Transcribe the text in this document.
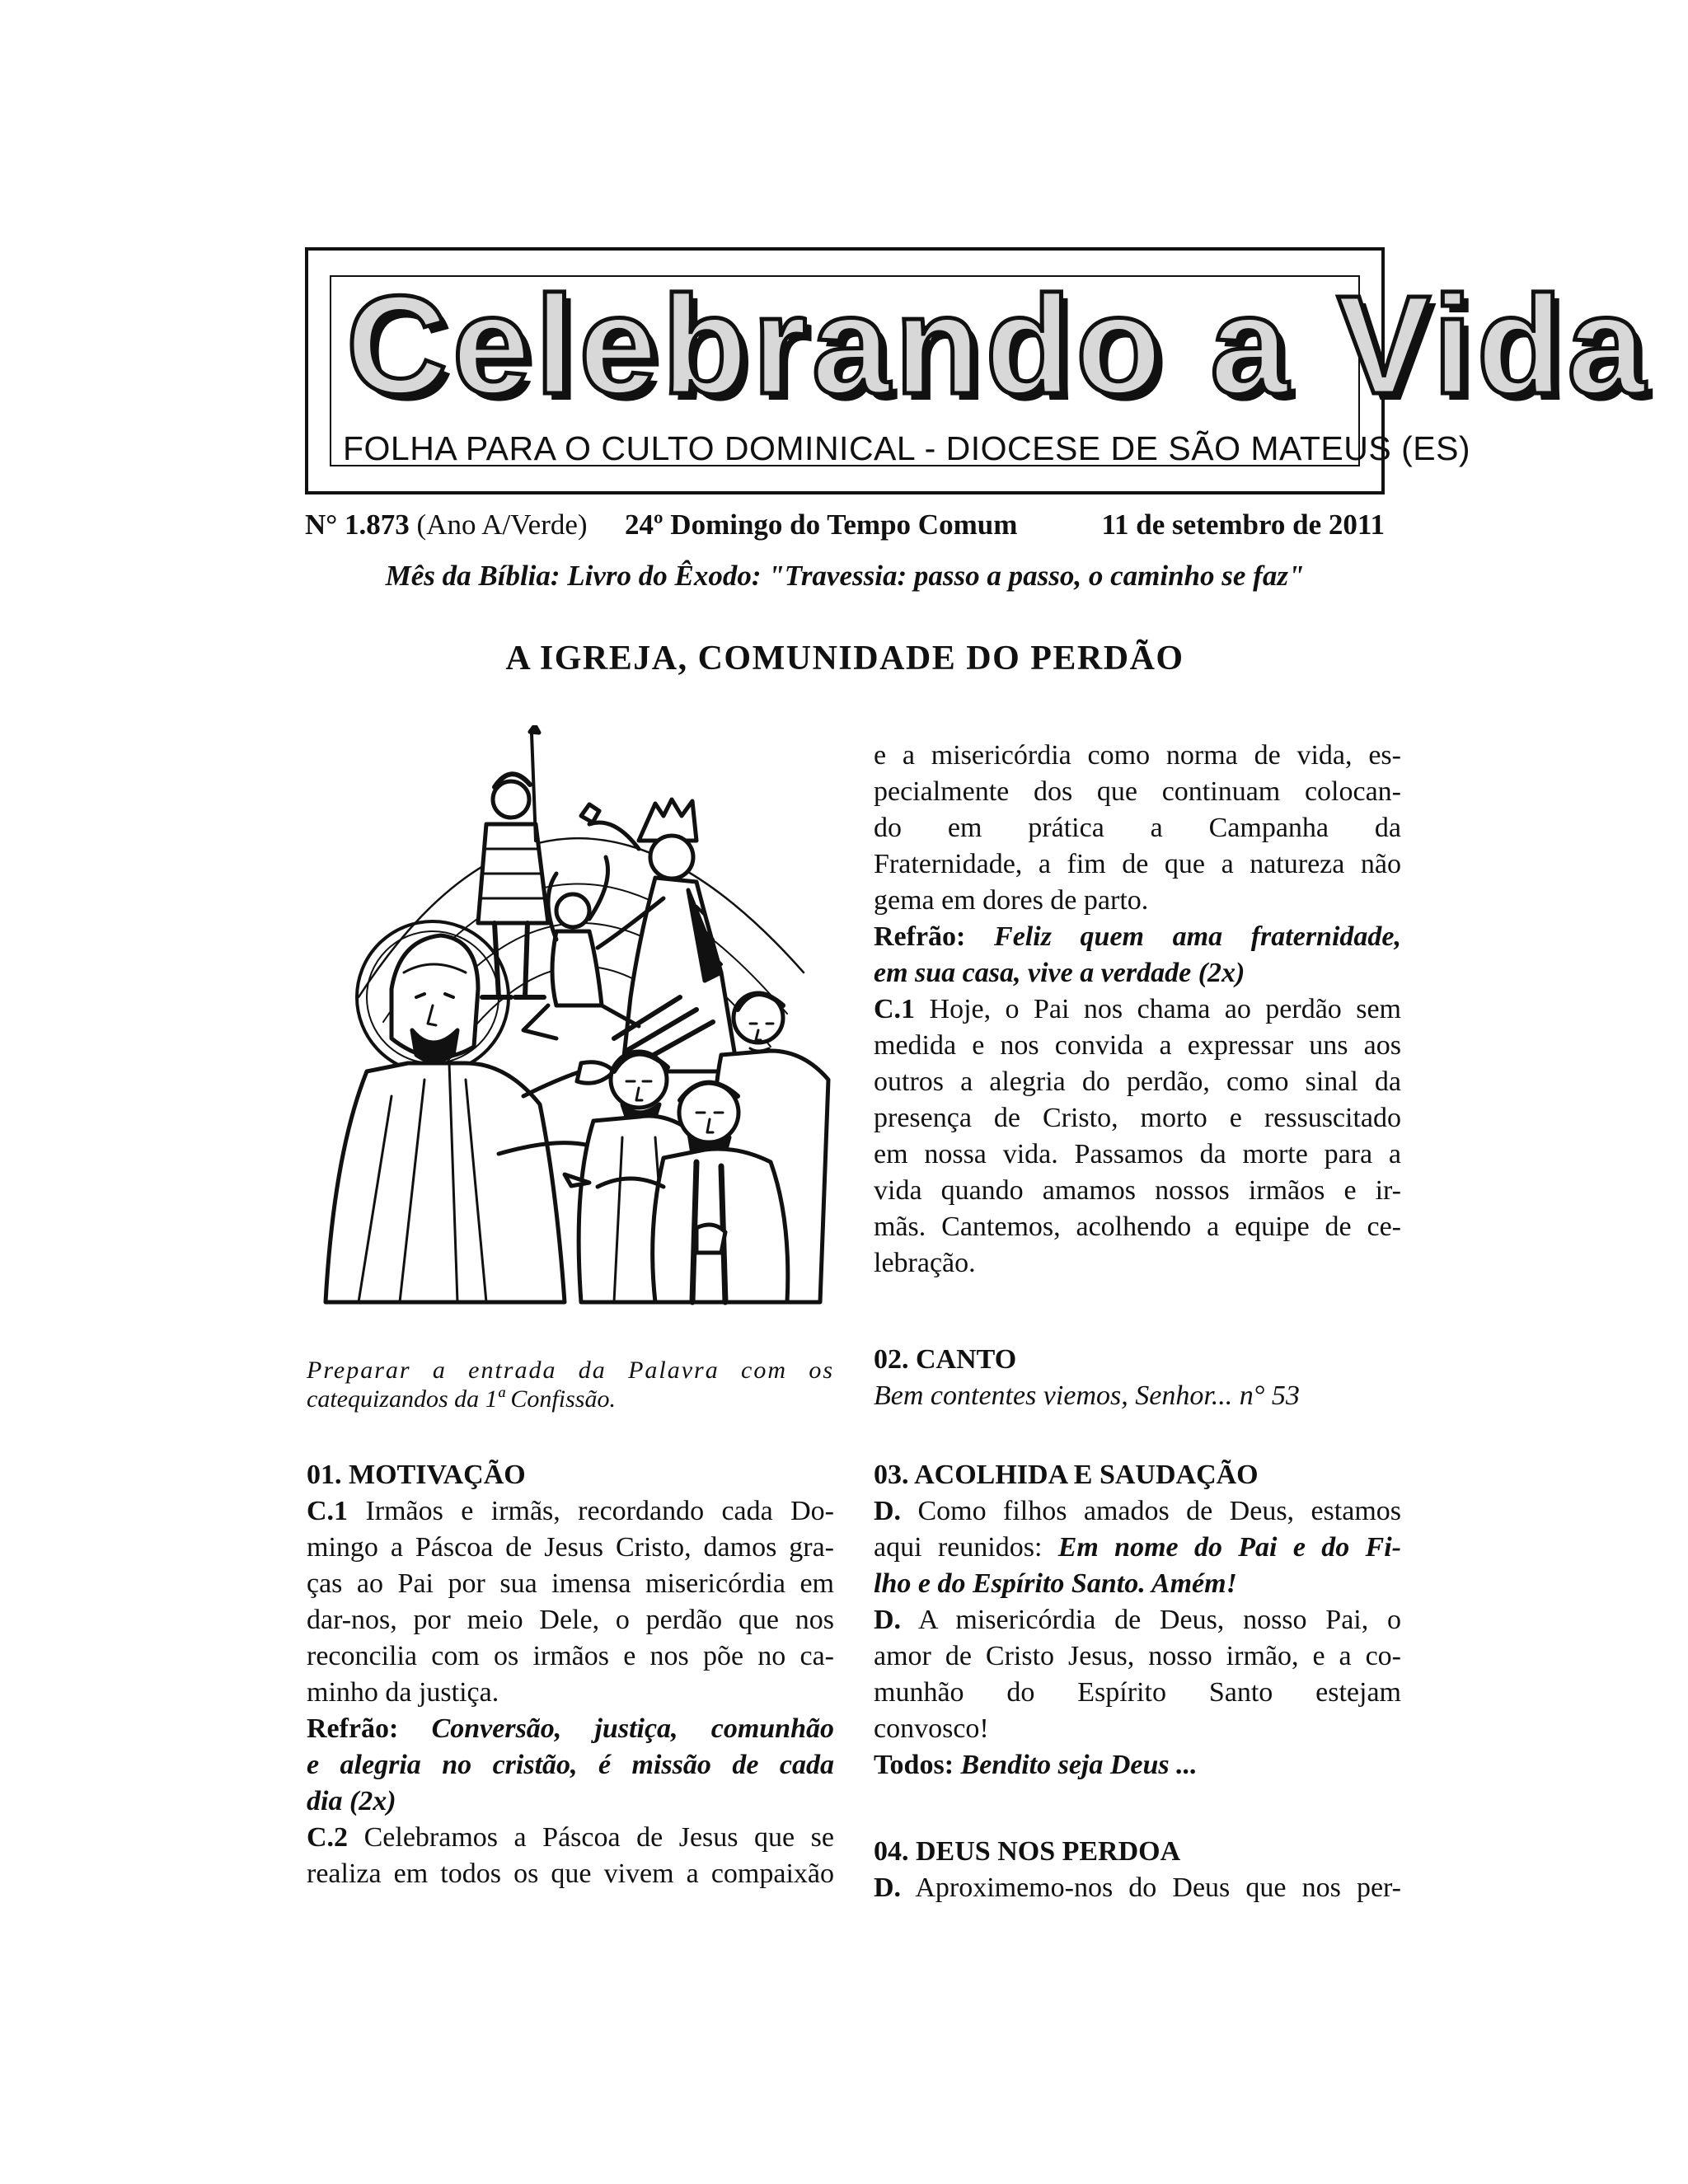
Celebrando a Vida

FOLHA PARA O CULTO DOMINICAL - DIOCESE DE SÃO MATEUS (ES)

N° 1.873 (Ano A/Verde) 24º Domingo do Tempo Comum	11 de setembro de 2011

Mês da Bíblia: Livro do Êxodo: "Travessia: passo a passo, o caminho se faz"

A IGREJA, COMUNIDADE DO PERDÃO

Preparar a entrada da Palavra com os
catequizandos da 1ª Confissão.

01. MOTIVAÇÃO
C.1 Irmãos e irmãs, recordando cada Do-
mingo a Páscoa de Jesus Cristo, damos gra-
ças ao Pai por sua imensa misericórdia em
dar-nos, por meio Dele, o perdão que nos
reconcilia com os irmãos e nos põe no ca-
minho da justiça.
Refrão: Conversão, justiça, comunhão
e alegria no cristão, é missão de cada
dia (2x)
C.2 Celebramos a Páscoa de Jesus que se
realiza em todos os que vivem a compaixão
e a misericórdia como norma de vida, es-
pecialmente dos que continuam colocan-
do em prática a Campanha da
Fraternidade, a fim de que a natureza não
gema em dores de parto.
Refrão: Feliz quem ama fraternidade,
em sua casa, vive a verdade (2x)
C.1 Hoje, o Pai nos chama ao perdão sem
medida e nos convida a expressar uns aos
outros a alegria do perdão, como sinal da
presença de Cristo, morto e ressuscitado
em nossa vida. Passamos da morte para a
vida quando amamos nossos irmãos e ir-
mãs. Cantemos, acolhendo a equipe de ce-
lebração.
02. CANTO
Bem contentes viemos, Senhor... n° 53
03. ACOLHIDA E SAUDAÇÃO
D. Como filhos amados de Deus, estamos
aqui reunidos: Em nome do Pai e do Fi-
lho e do Espírito Santo. Amém!
D. A misericórdia de Deus, nosso Pai, o
amor de Cristo Jesus, nosso irmão, e a co-
munhão do Espírito Santo estejam
convosco!
Todos: Bendito seja Deus ...
04. DEUS NOS PERDOA
D. Aproximemo-nos do Deus que nos per-
